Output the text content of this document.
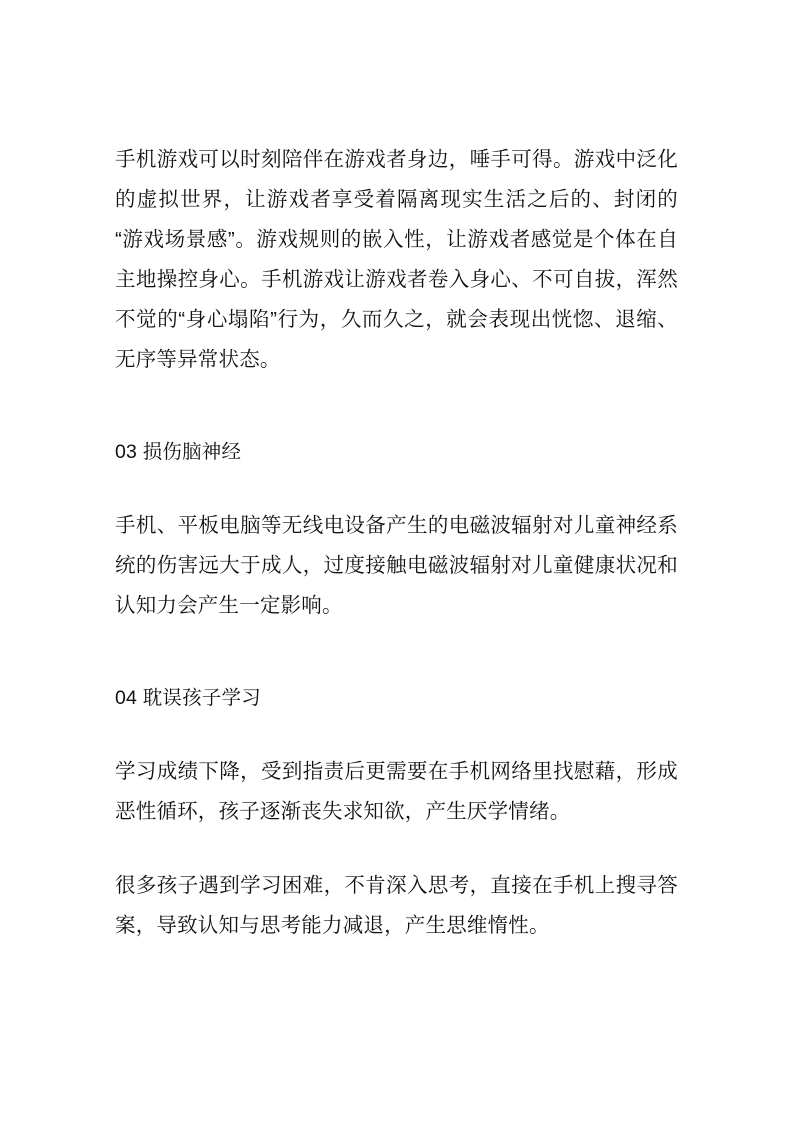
手机游戏可以时刻陪伴在游戏者身边，唾手可得。游戏中泛化的虚拟世界，让游戏者享受着隔离现实生活之后的、封闭的“游戏场景感”。游戏规则的嵌入性，让游戏者感觉是个体在自主地操控身心。手机游戏让游戏者卷入身心、不可自拔，浑然不觉的“身心塌陷”行为，久而久之，就会表现出恍惚、退缩、无序等异常状态。

03 损伤脑神经

手机、平板电脑等无线电设备产生的电磁波辐射对儿童神经系统的伤害远大于成人，过度接触电磁波辐射对儿童健康状况和认知力会产生一定影响。

04 耽误孩子学习

学习成绩下降，受到指责后更需要在手机网络里找慰藉，形成恶性循环，孩子逐渐丧失求知欲，产生厌学情绪。

很多孩子遇到学习困难，不肯深入思考，直接在手机上搜寻答案，导致认知与思考能力减退，产生思维惰性。
